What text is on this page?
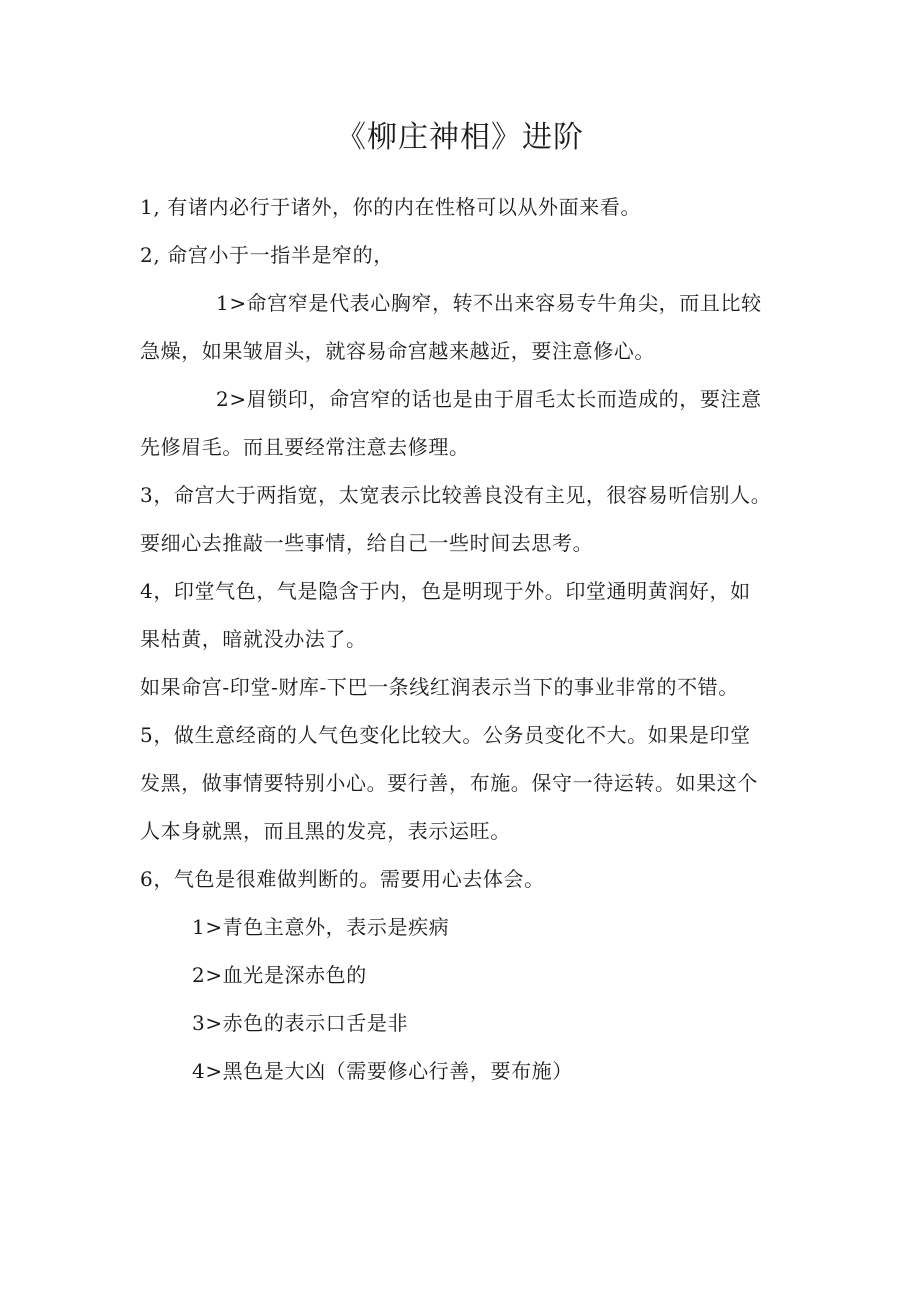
《柳庄神相》进阶
1, 有诸内必行于诸外，你的内在性格可以从外面来看。
2, 命宫小于一指半是窄的，
1>命宫窄是代表心胸窄，转不出来容易专牛角尖，而且比较
急燥，如果皱眉头，就容易命宫越来越近，要注意修心。
2>眉锁印，命宫窄的话也是由于眉毛太长而造成的，要注意
先修眉毛。而且要经常注意去修理。
3，命宫大于两指宽，太宽表示比较善良没有主见，很容易听信别人。
要细心去推敲一些事情，给自己一些时间去思考。
4，印堂气色，气是隐含于内，色是明现于外。印堂通明黄润好，如
果枯黄，暗就没办法了。
如果命宫-印堂-财库-下巴一条线红润表示当下的事业非常的不错。
5，做生意经商的人气色变化比较大。公务员变化不大。如果是印堂
发黑，做事情要特别小心。要行善，布施。保守一待运转。如果这个
人本身就黑，而且黑的发亮，表示运旺。
6，气色是很难做判断的。需要用心去体会。
1>青色主意外，表示是疾病
2>血光是深赤色的
3>赤色的表示口舌是非
4>黑色是大凶（需要修心行善，要布施）
